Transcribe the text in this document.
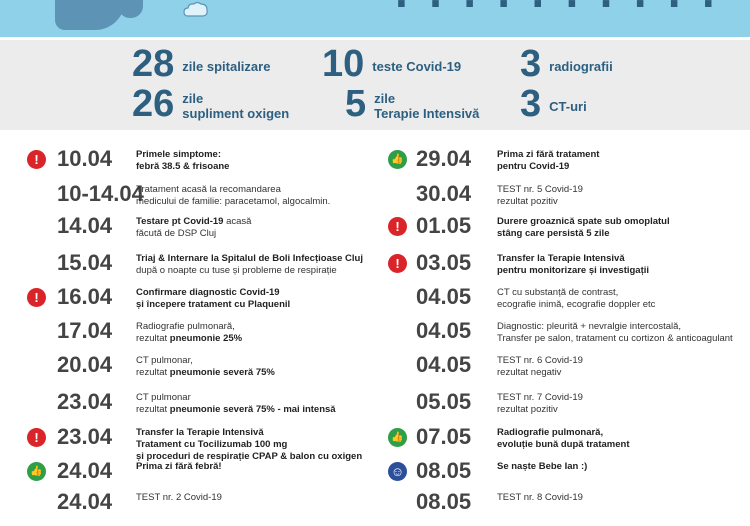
· · · · · · · · · ·
28 zile spitalizare
26 zile
supliment oxigen
10 teste Covid-19
5 zile
Terapie Intensivă
3 radiografii
3 CT-uri
! 10.04	Primele simptome:
febră 38.5 & frisoane
10-14.04
Tratament acasă la recomandarea
medicului de familie: paracetamol, algocalmin.
14.04	Testare pt Covid-19 acasă
făcută de DSP Cluj
15.04	Triaj & Internare la Spitalul de Boli Infecțioase Cluj
după o noapte cu tuse și probleme de respirație
! 16.04	Confirmare diagnostic Covid-19
și începere tratament cu Plaquenil
17.04	Radiografie pulmonară,
rezultat pneumonie 25%
20.04	CT pulmonar,
rezultat pneumonie severă 75%
23.04	CT pulmonar
rezultat pneumonie severă 75% - mai intensă
! 23.04	Transfer la Terapie Intensivă
Tratament cu Tocilizumab 100 mg
și proceduri de respirație CPAP & balon cu oxigen
👍 24.04	Prima zi fără febră!
24.04	TEST nr. 2 Covid-19
👍 29.04	Prima zi fără tratament
pentru Covid-19
30.04	TEST nr. 5 Covid-19
rezultat pozitiv
! 01.05	Durere groaznică spate sub omoplatul
stâng care persistă 5 zile
! 03.05	Transfer la Terapie Intensivă
pentru monitorizare și investigații
04.05	CT cu substanță de contrast,
ecografie inimă, ecografie doppler etc
04.05	Diagnostic: pleurită + nevralgie intercostală,
Transfer pe salon, tratament cu cortizon & anticoagulant
04.05	TEST nr. 6 Covid-19
rezultat negativ
05.05	TEST nr. 7 Covid-19
rezultat pozitiv
👍 07.05	Radiografie pulmonară,
evoluție bună după tratament
☺ 08.05	Se naște Bebe Ian :)
08.05	TEST nr. 8 Covid-19
